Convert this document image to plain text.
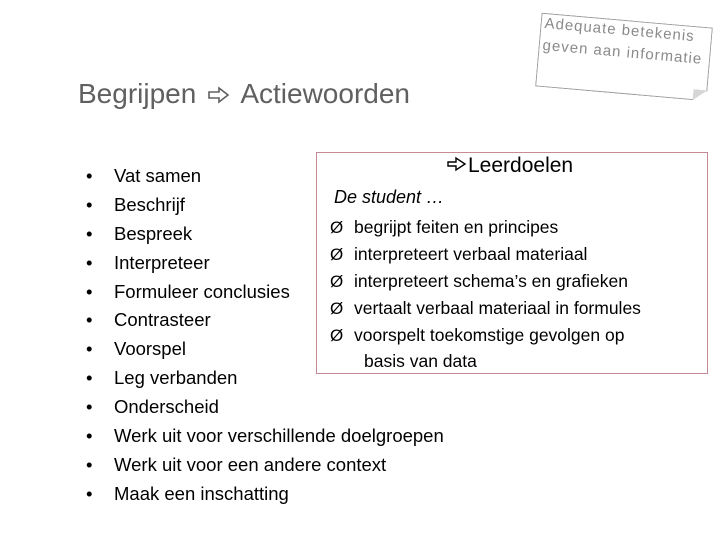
Adequate betekenis
geven aan informatie
Begrijpen Actiewoorden
• Vat samen
• Beschrijf
• Bespreek
• Interpreteer
• Formuleer conclusies
• Contrasteer
• Voorspel
• Leg verbanden
• Onderscheid
• Werk uit voor verschillende doelgroepen
• Werk uit voor een andere context
• Maak een inschatting
Leerdoelen
De student …
Ø begrijpt feiten en principes
Ø interpreteert verbaal materiaal
Ø interpreteert schema’s en grafieken
Ø vertaalt verbaal materiaal in formules
Ø voorspelt toekomstige gevolgen op
basis van data
